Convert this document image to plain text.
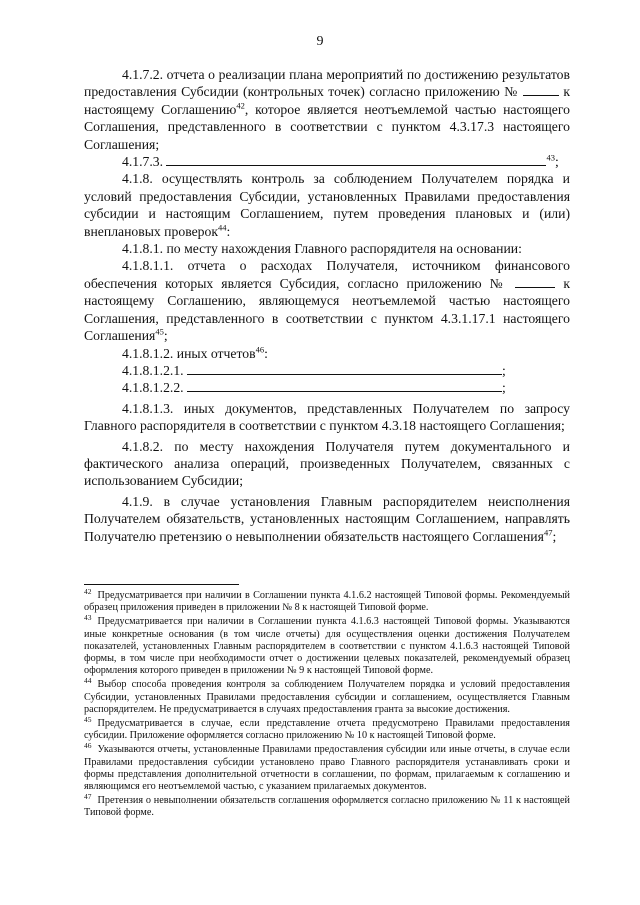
9

4.1.7.2. отчета о реализации плана мероприятий по достижению результатов предоставления Субсидии (контрольных точек) согласно приложению №	к настоящему Соглашению$^{42}$, которое является неотъемлемой частью настоящего Соглашения, представленного в соответствии с пунктом 4.3.17.3 настоящего Соглашения;

4.1.7.3.	$^{43}$;

4.1.8. осуществлять контроль за соблюдением Получателем порядка и условий предоставления Субсидии, установленных Правилами предоставления субсидии и настоящим Соглашением, путем проведения плановых и (или) внеплановых проверок$^{44}$:

4.1.8.1. по месту нахождения Главного распорядителя на основании:

4.1.8.1.1. отчета о расходах Получателя, источником финансового обеспечения которых является Субсидия, согласно приложению №	к настоящему Соглашению, являющемуся неотъемлемой частью настоящего Соглашения, представленного в соответствии с пунктом 4.3.1.17.1 настоящего Соглашения$^{45}$;

4.1.8.1.2. иных отчетов$^{46}$:

4.1.8.1.2.1.	;

4.1.8.1.2.2.	;

4.1.8.1.3. иных документов, представленных Получателем по запросу Главного распорядителя в соответствии с пунктом 4.3.18 настоящего Соглашения;

4.1.8.2. по месту нахождения Получателя путем документального и фактического анализа операций, произведенных Получателем, связанных с использованием Субсидии;

4.1.9. в случае установления Главным распорядителем неисполнения Получателем обязательств, установленных настоящим Соглашением, направлять Получателю претензию о невыполнении обязательств настоящего Соглашения$^{47}$;

$^{42}$ Предусматривается при наличии в Соглашении пункта 4.1.6.2 настоящей Типовой формы. Рекомендуемый образец приложения приведен в приложении № 8 к настоящей Типовой форме.

$^{43}$ Предусматривается при наличии в Соглашении пункта 4.1.6.3 настоящей Типовой формы. Указываются иные конкретные основания (в том числе отчеты) для осуществления оценки достижения Получателем показателей, установленных Главным распорядителем в соответствии с пунктом 4.1.6.3 настоящей Типовой формы, в том числе при необходимости отчет о достижении целевых показателей, рекомендуемый образец оформления которого приведен в приложении № 9 к настоящей Типовой форме.

$^{44}$ Выбор способа проведения контроля за соблюдением Получателем порядка и условий предоставления Субсидии, установленных Правилами предоставления субсидии и соглашением, осуществляется Главным распорядителем. Не предусматривается в случаях предоставления гранта за высокие достижения.

$^{45}$ Предусматривается в случае, если представление отчета предусмотрено Правилами предоставления субсидии. Приложение оформляется согласно приложению № 10 к настоящей Типовой форме.

$^{46}$ Указываются отчеты, установленные Правилами предоставления субсидии или иные отчеты, в случае если Правилами предоставления субсидии установлено право Главного распорядителя устанавливать сроки и формы представления дополнительной отчетности в соглашении, по формам, прилагаемым к соглашению и являющимся его неотъемлемой частью, с указанием прилагаемых документов.

$^{47}$ Претензия о невыполнении обязательств соглашения оформляется согласно приложению № 11 к настоящей Типовой форме.
